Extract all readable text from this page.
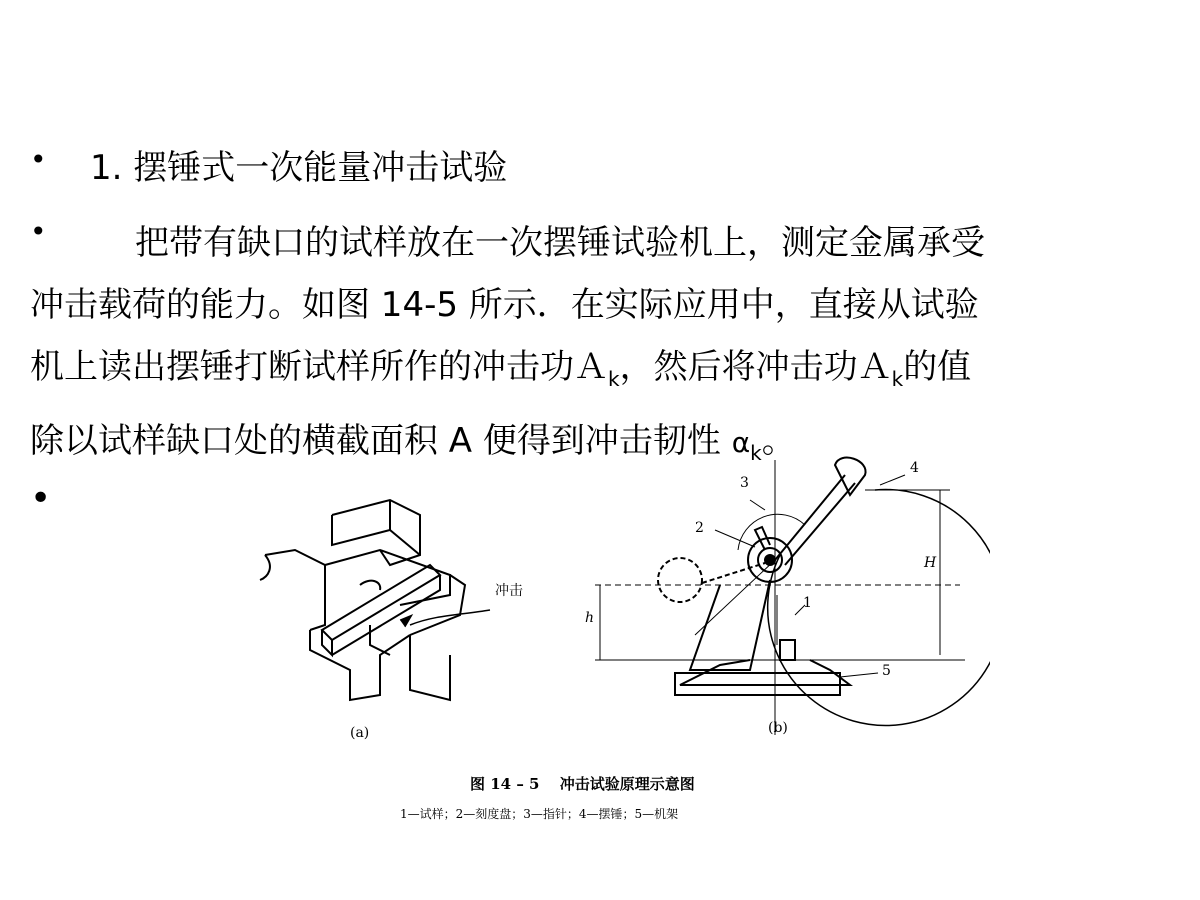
• 1. 摆锤式一次能量冲击试验
•	把带有缺口的试样放在一次摆锤试验机上，测定金属承受
冲击载荷的能力。如图 14-5 所示．在实际应用中，直接从试验
机上读出摆锤打断试样所作的冲击功Ａ$_k$，然后将冲击功Ａ$_k$的值
除以试样缺口处的横截面积 A 便得到冲击韧性 $\alpha_k$。
•
冲击
(a)	(b)
1
2
3
4
5
h
H
图 14 – 5　 冲击试验原理示意图
1—试样；2—刻度盘；3—指针；4—摆锤；5—机架
